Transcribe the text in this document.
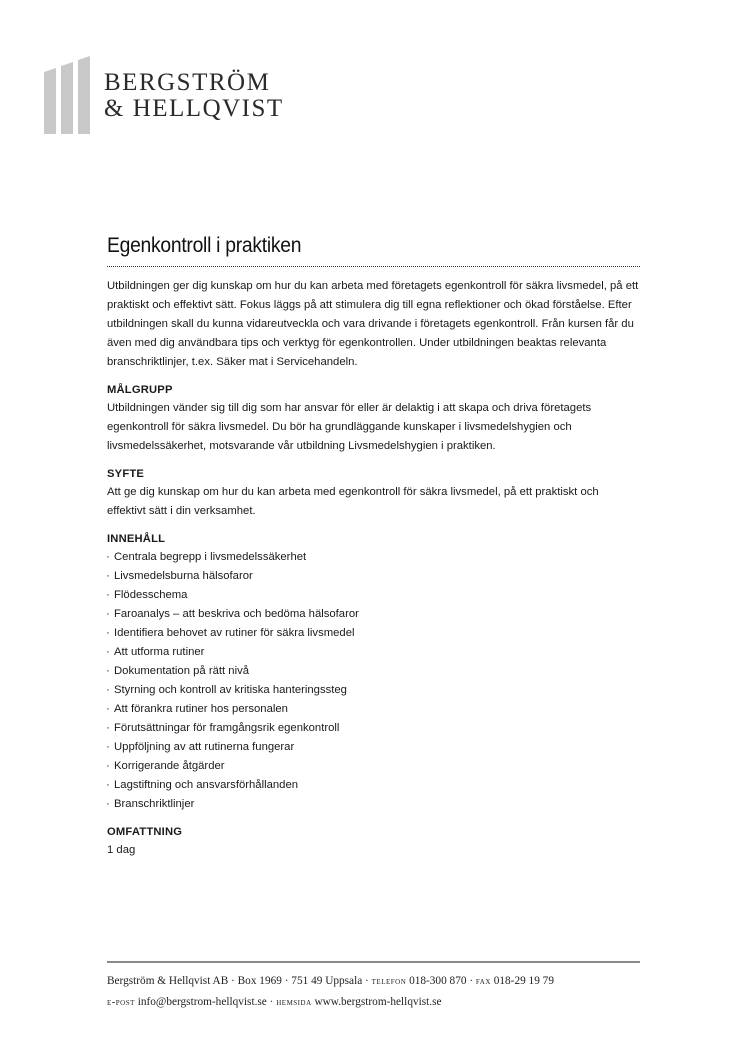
BERGSTRÖM
& HELLQVIST
Egenkontroll i praktiken

Utbildningen ger dig kunskap om hur du kan arbeta med företagets egenkontroll för säkra livsmedel, på ett praktiskt och effektivt sätt. Fokus läggs på att stimulera dig till egna reflektioner och ökad förståelse. Efter utbildningen skall du kunna vidareutveckla och vara drivande i företagets egenkontroll. Från kursen får du även med dig användbara tips och verktyg för egenkontrollen. Under utbildningen beaktas relevanta branschriktlinjer, t.ex. Säker mat i Servicehandeln.

MÅLGRUPP

Utbildningen vänder sig till dig som har ansvar för eller är delaktig i att skapa och driva företagets egenkontroll för säkra livsmedel. Du bör ha grundläggande kunskaper i livsmedelshygien och livsmedelssäkerhet, motsvarande vår utbildning Livsmedelshygien i praktiken.

SYFTE

Att ge dig kunskap om hur du kan arbeta med egenkontroll för säkra livsmedel, på ett praktiskt och effektivt sätt i din verksamhet.

INNEHÅLL
· Centrala begrepp i livsmedelssäkerhet
· Livsmedelsburna hälsofaror
· Flödesschema
· Faroanalys – att beskriva och bedöma hälsofaror
· Identifiera behovet av rutiner för säkra livsmedel
· Att utforma rutiner
· Dokumentation på rätt nivå
· Styrning och kontroll av kritiska hanteringssteg
· Att förankra rutiner hos personalen
· Förutsättningar för framgångsrik egenkontroll
· Uppföljning av att rutinerna fungerar
· Korrigerande åtgärder
· Lagstiftning och ansvarsförhållanden
· Branschriktlinjer
OMFATTNING

1 dag

Bergström & Hellqvist AB · Box 1969 · 751 49 Uppsala · telefon 018-300 870 · fax 018-29 19 79
e-post info@bergstrom-hellqvist.se · hemsida www.bergstrom-hellqvist.se
